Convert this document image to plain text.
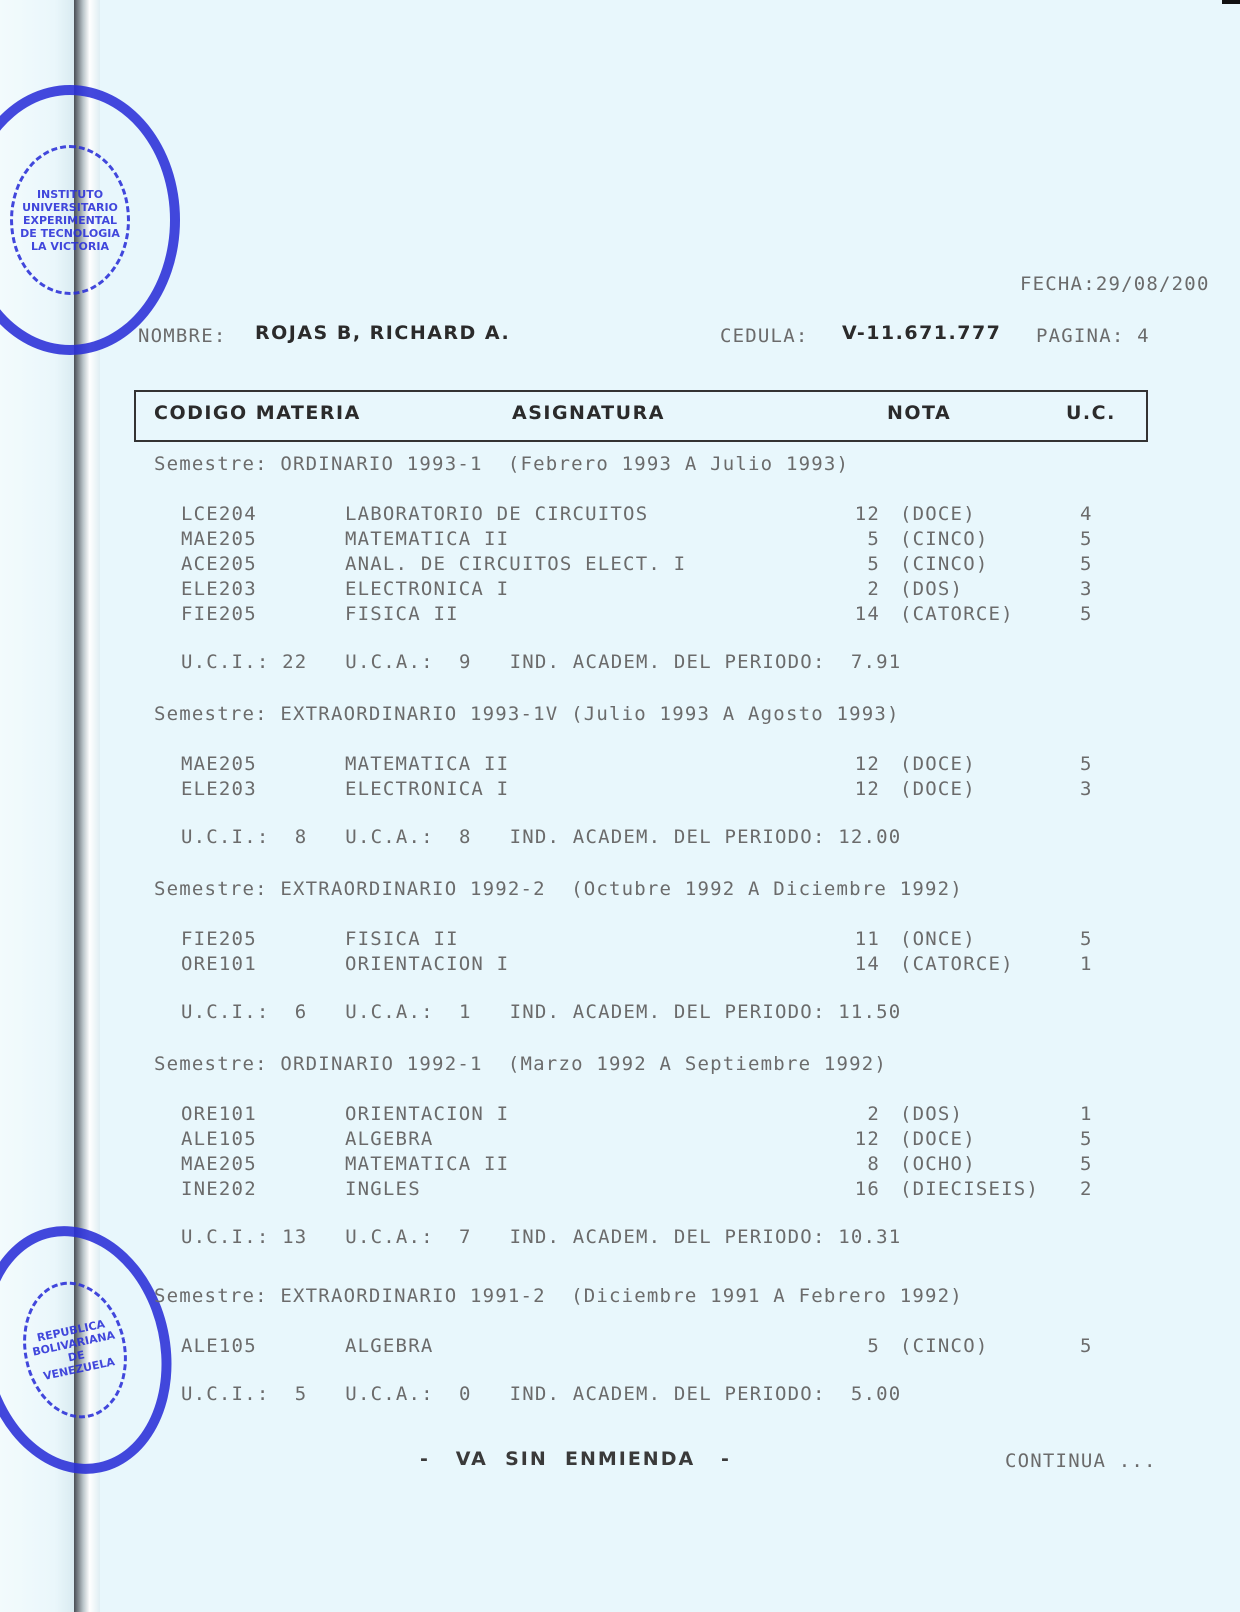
INSTITUTO UNIVERSITARIO EXPERIMENTAL DE TECNOLOGIA LA VICTORIA
REPUBLICA BOLIVARIANA DE VENEZUELA
FECHA:29/08/200
NOMBRE: ROJAS B, RICHARD A.	CEDULA: V-11.671.777 PAGINA: 4
CODIGO MATERIA	ASIGNATURA	NOTA	U.C.
Semestre: ORDINARIO 1993-1  (Febrero 1993 A Julio 1993)
LCE204	LABORATORIO DE CIRCUITOS	12 (DOCE)	4
MAE205	MATEMATICA II	5 (CINCO)	5
ACE205	ANAL. DE CIRCUITOS ELECT. I	5 (CINCO)	5
ELE203	ELECTRONICA I	2 (DOS)	3
FIE205	FISICA II	14 (CATORCE)	5
U.C.I.: 22   U.C.A.:  9   IND. ACADEM. DEL PERIODO:  7.91
Semestre: EXTRAORDINARIO 1993-1V (Julio 1993 A Agosto 1993)
MAE205	MATEMATICA II	12 (DOCE)	5
ELE203	ELECTRONICA I	12 (DOCE)	3
U.C.I.:  8   U.C.A.:  8   IND. ACADEM. DEL PERIODO: 12.00
Semestre: EXTRAORDINARIO 1992-2  (Octubre 1992 A Diciembre 1992)
FIE205	FISICA II	11 (ONCE)	5
ORE101	ORIENTACION I	14 (CATORCE)	1
U.C.I.:  6   U.C.A.:  1   IND. ACADEM. DEL PERIODO: 11.50
Semestre: ORDINARIO 1992-1  (Marzo 1992 A Septiembre 1992)
ORE101	ORIENTACION I	2 (DOS)	1
ALE105	ALGEBRA	12 (DOCE)	5
MAE205	MATEMATICA II	8 (OCHO)	5
INE202	INGLES	16 (DIECISEIS) 2
U.C.I.: 13   U.C.A.:  7   IND. ACADEM. DEL PERIODO: 10.31
Semestre: EXTRAORDINARIO 1991-2  (Diciembre 1991 A Febrero 1992)
ALE105	ALGEBRA	5 (CINCO)	5
U.C.I.:  5   U.C.A.:  0   IND. ACADEM. DEL PERIODO:  5.00
-   VA  SIN  ENMIENDA   -	CONTINUA ...
